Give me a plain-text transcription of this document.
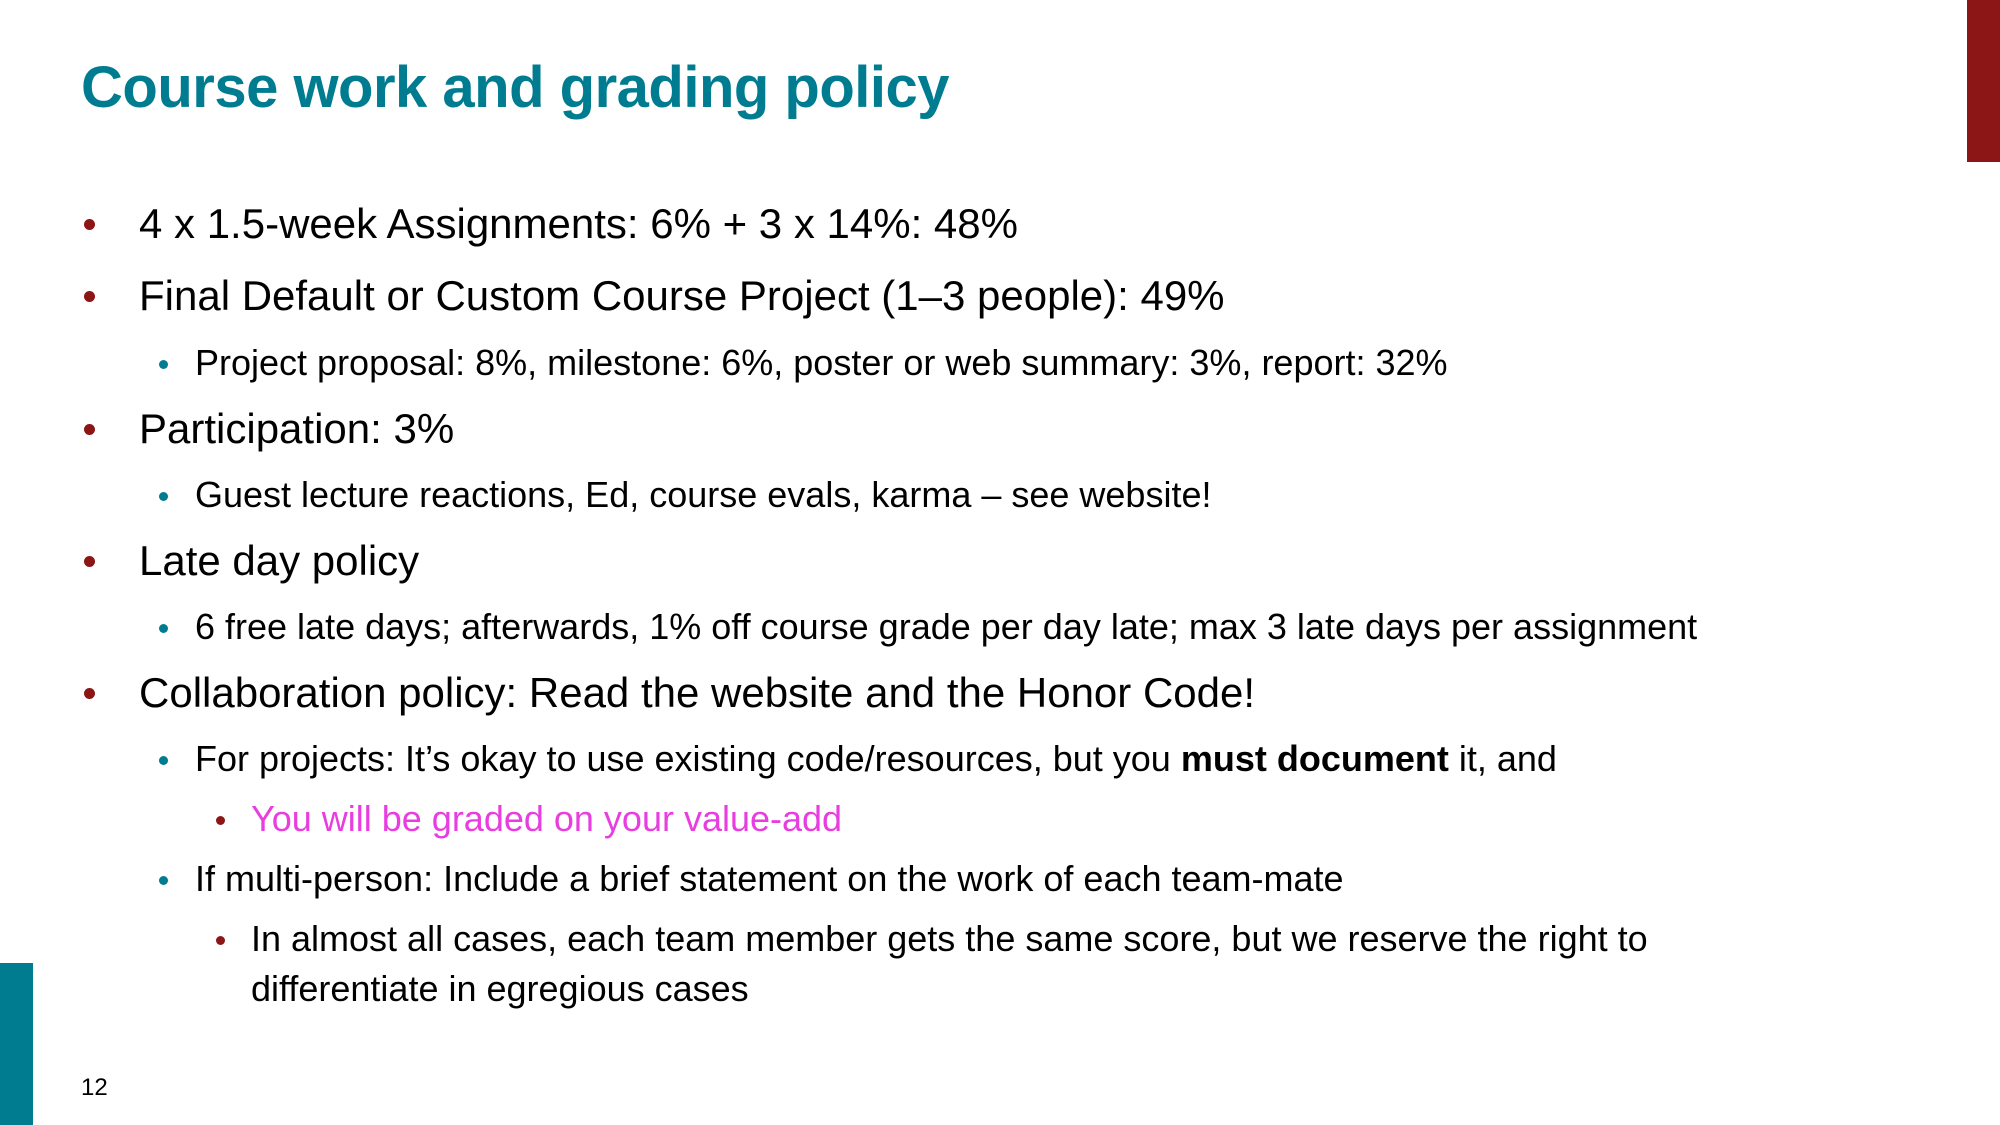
Course work and grading policy
4 x 1.5-week Assignments: 6% + 3 x 14%: 48%
Final Default or Custom Course Project (1–3 people): 49%
Project proposal: 8%, milestone: 6%, poster or web summary: 3%, report: 32%
Participation: 3%
Guest lecture reactions, Ed, course evals, karma – see website!
Late day policy
6 free late days; afterwards, 1% off course grade per day late; max 3 late days per assignment
Collaboration policy: Read the website and the Honor Code!
For projects: It’s okay to use existing code/resources, but you must document it, and
You will be graded on your value-add
If multi-person: Include a brief statement on the work of each team-mate
In almost all cases, each team member gets the same score, but we reserve the right to
differentiate in egregious cases
12
